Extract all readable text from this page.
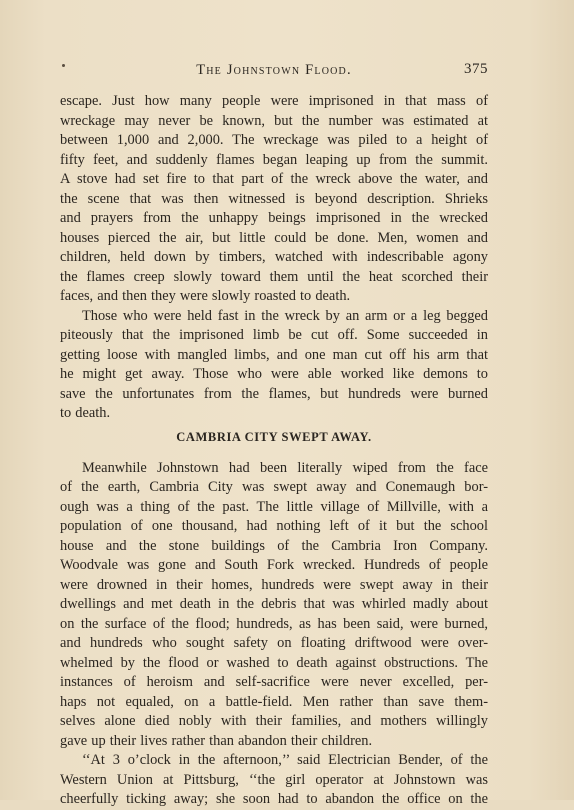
The Johnstown Flood.	375
escape. Just how many people were imprisoned in that mass of
wreckage may never be known, but the number was estimated at
between 1,000 and 2,000. The wreckage was piled to a height of
fifty feet, and suddenly flames began leaping up from the summit.
A stove had set fire to that part of the wreck above the water, and
the scene that was then witnessed is beyond description. Shrieks
and prayers from the unhappy beings imprisoned in the wrecked
houses pierced the air, but little could be done. Men, women and
children, held down by timbers, watched with indescribable agony
the flames creep slowly toward them until the heat scorched their
faces, and then they were slowly roasted to death.
Those who were held fast in the wreck by an arm or a leg begged
piteously that the imprisoned limb be cut off. Some succeeded in
getting loose with mangled limbs, and one man cut off his arm that
he might get away. Those who were able worked like demons to
save the unfortunates from the flames, but hundreds were burned
to death.
CAMBRIA CITY SWEPT AWAY.
Meanwhile Johnstown had been literally wiped from the face
of the earth, Cambria City was swept away and Conemaugh bor-
ough was a thing of the past. The little village of Millville, with a
population of one thousand, had nothing left of it but the school
house and the stone buildings of the Cambria Iron Company.
Woodvale was gone and South Fork wrecked. Hundreds of people
were drowned in their homes, hundreds were swept away in their
dwellings and met death in the debris that was whirled madly about
on the surface of the flood; hundreds, as has been said, were burned,
and hundreds who sought safety on floating driftwood were over-
whelmed by the flood or washed to death against obstructions. The
instances of heroism and self-sacrifice were never excelled, per-
haps not equaled, on a battle-field. Men rather than save them-
selves alone died nobly with their families, and mothers willingly
gave up their lives rather than abandon their children.
‘‘At 3 o’clock in the afternoon,’’ said Electrician Bender, of the
Western Union at Pittsburg, ‘‘the girl operator at Johnstown was
cheerfully ticking away; she soon had to abandon the office on the
